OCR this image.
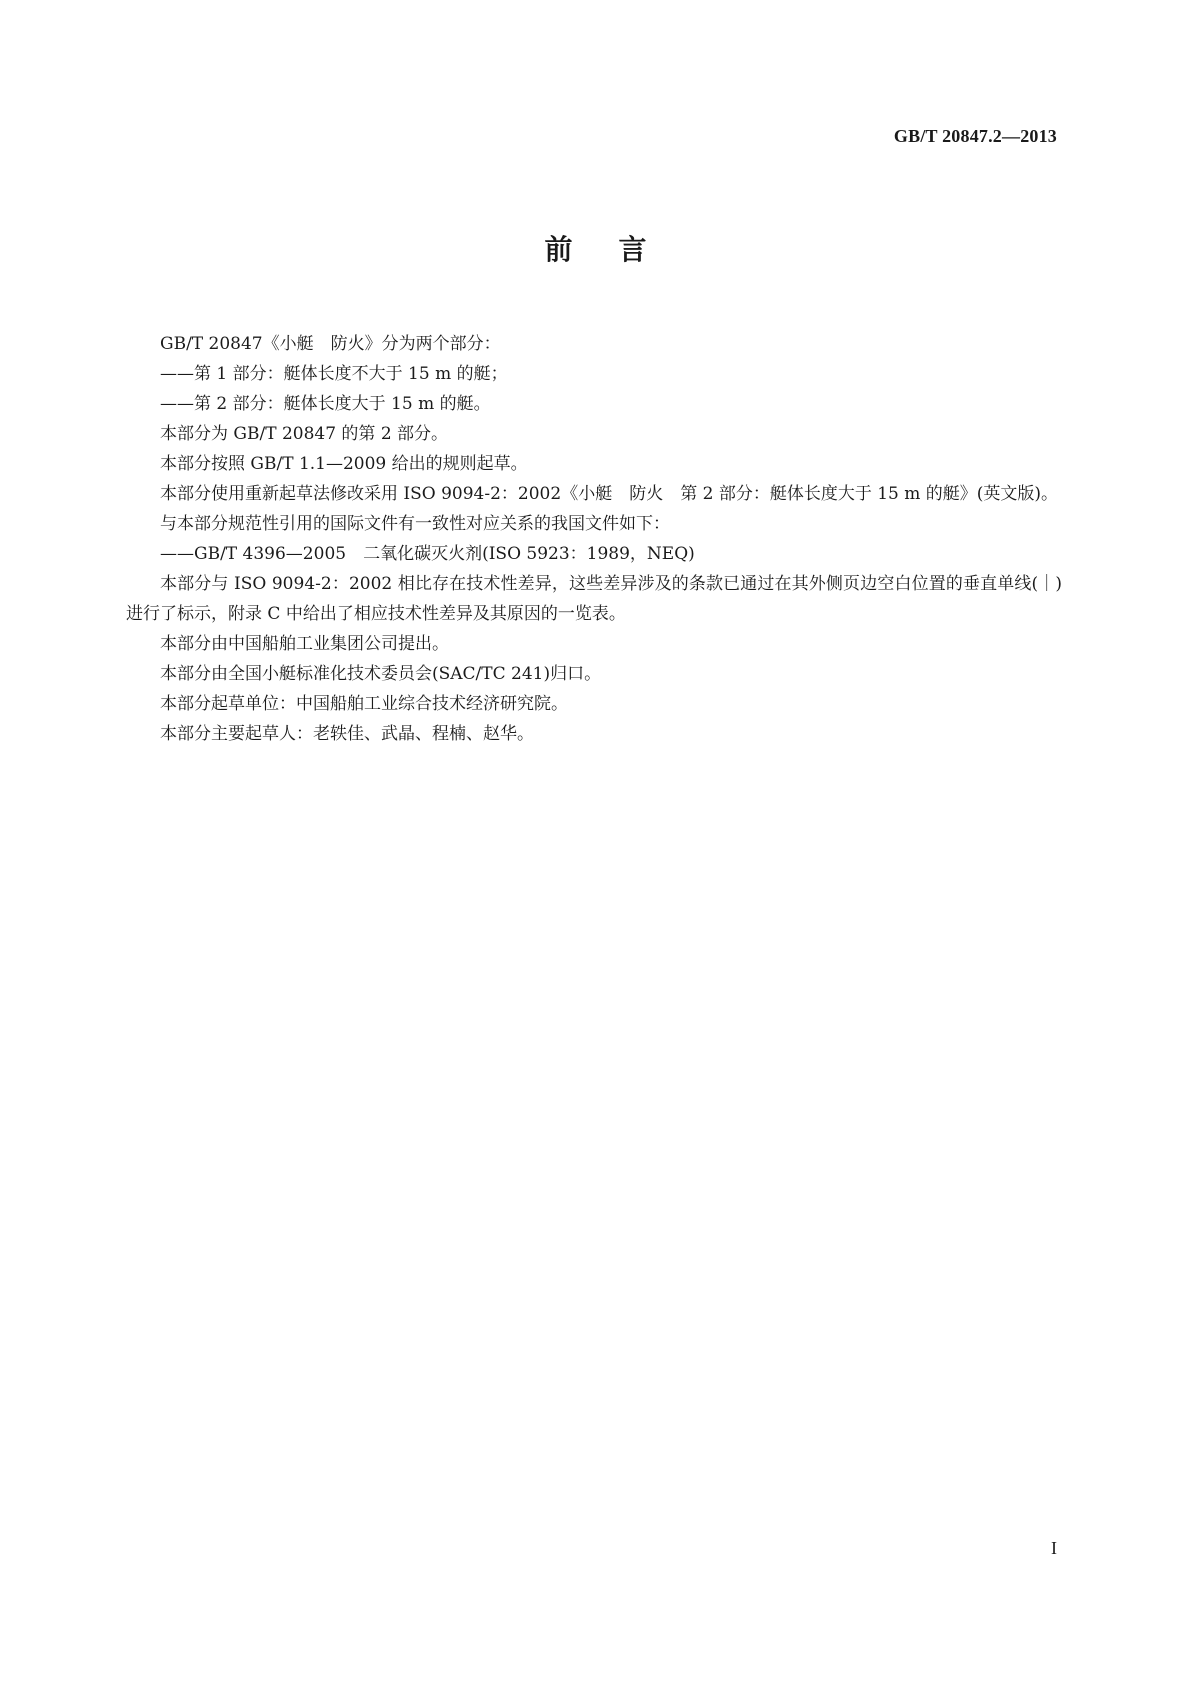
GB/T 20847.2—2013
前言

GB/T 20847《小艇　防火》分为两个部分：

——第 1 部分：艇体长度不大于 15 m 的艇；

——第 2 部分：艇体长度大于 15 m 的艇。

本部分为 GB/T 20847 的第 2 部分。

本部分按照 GB/T 1.1—2009 给出的规则起草。

本部分使用重新起草法修改采用 ISO 9094-2：2002《小艇　防火　第 2 部分：艇体长度大于 15 m 的艇》(英文版)。

与本部分规范性引用的国际文件有一致性对应关系的我国文件如下：

——GB/T 4396—2005　二氧化碳灭火剂(ISO 5923：1989，NEQ)

本部分与 ISO 9094-2：2002 相比存在技术性差异，这些差异涉及的条款已通过在其外侧页边空白位置的垂直单线(｜)进行了标示，附录 C 中给出了相应技术性差异及其原因的一览表。

本部分由中国船舶工业集团公司提出。

本部分由全国小艇标准化技术委员会(SAC/TC 241)归口。

本部分起草单位：中国船舶工业综合技术经济研究院。

本部分主要起草人：老轶佳、武晶、程楠、赵华。

I
